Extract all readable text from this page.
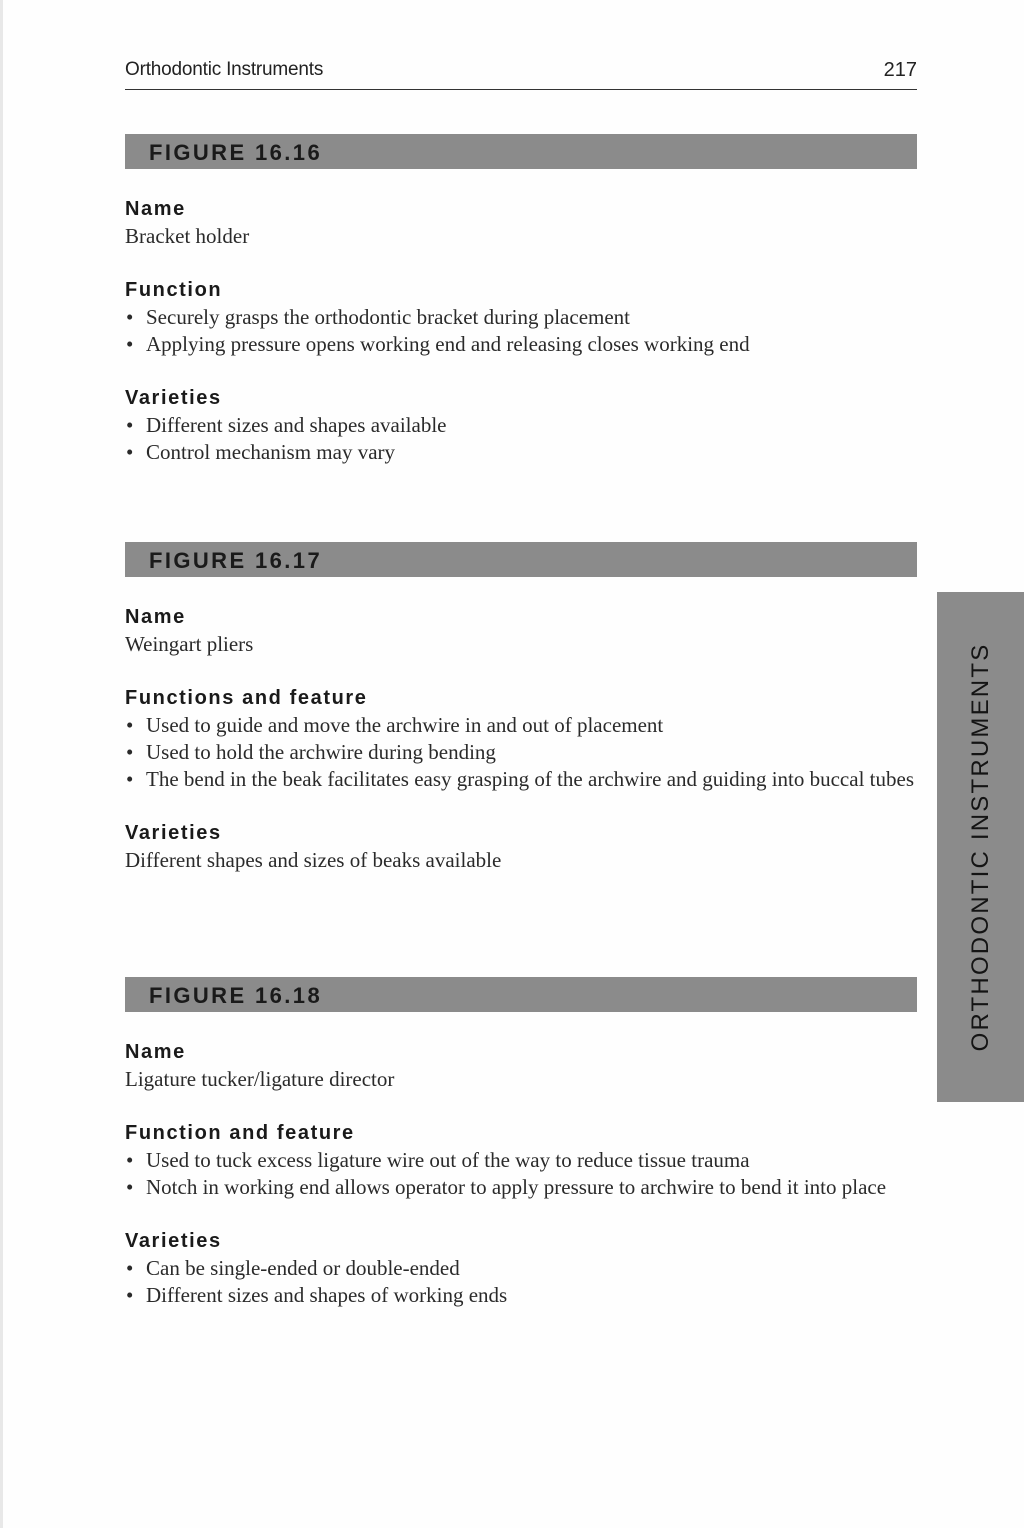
Orthodontic Instruments	217
FIGURE 16.16
Name
Bracket holder
Function
• Securely grasps the orthodontic bracket during placement
• Applying pressure opens working end and releasing closes working end
Varieties
• Different sizes and shapes available
• Control mechanism may vary
FIGURE 16.17
Name
Weingart pliers
Functions and feature
• Used to guide and move the archwire in and out of placement
• Used to hold the archwire during bending
• The bend in the beak facilitates easy grasping of the archwire and guiding into buccal tubes
Varieties
Different shapes and sizes of beaks available
FIGURE 16.18
Name
Ligature tucker/ligature director
Function and feature
• Used to tuck excess ligature wire out of the way to reduce tissue trauma
• Notch in working end allows operator to apply pressure to archwire to bend it into place
Varieties
• Can be single-ended or double-ended
• Different sizes and shapes of working ends
ORTHODONTIC INSTRUMENTS
